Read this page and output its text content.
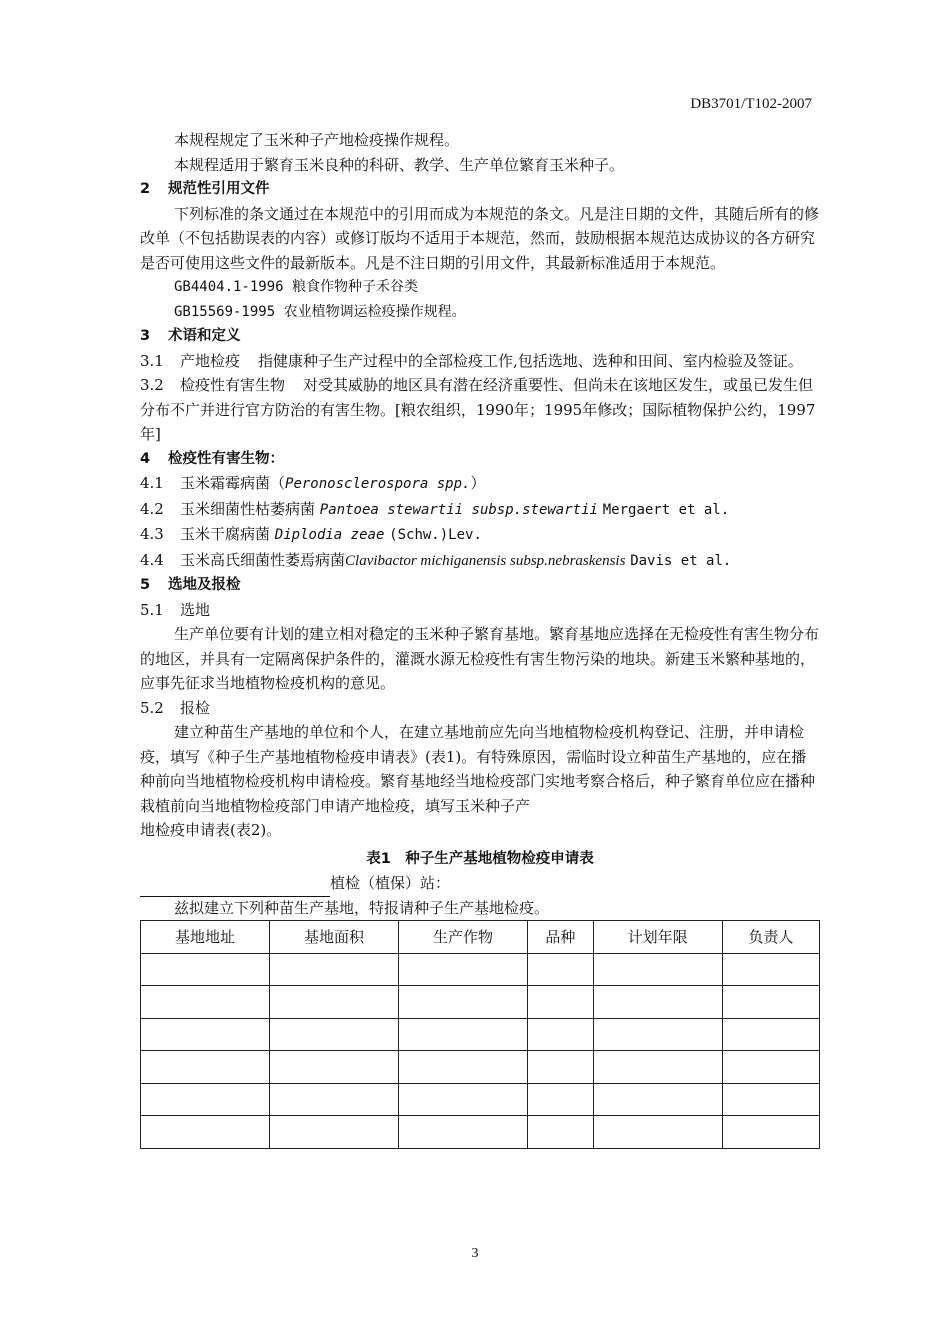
DB3701/T102-2007

本规程规定了玉米种子产地检疫操作规程。

本规程适用于繁育玉米良种的科研、教学、生产单位繁育玉米种子。

2 规范性引用文件

下列标准的条文通过在本规范中的引用而成为本规范的条文。凡是注日期的文件，其随后所有的修改单（不包括勘误表的内容）或修订版均不适用于本规范，然而，鼓励根据本规范达成协议的各方研究是否可使用这些文件的最新版本。凡是不注日期的引用文件，其最新标准适用于本规范。

GB4404.1-1996 粮食作物种子禾谷类

GB15569-1995 农业植物调运检疫操作规程。

3 术语和定义

3.1 产地检疫 指健康种子生产过程中的全部检疫工作,包括选地、选种和田间、室内检验及签证。

3.2 检疫性有害生物 对受其威胁的地区具有潜在经济重要性、但尚未在该地区发生，或虽已发生但分布不广并进行官方防治的有害生物。[粮农组织，1990年；1995年修改；国际植物保护公约，1997年]

4 检疫性有害生物：

4.1 玉米霜霉病菌（Peronosclerospora spp.）

4.2 玉米细菌性枯萎病菌 Pantoea stewartii subsp.stewartii Mergaert et al.

4.3 玉米干腐病菌 Diplodia zeae (Schw.)Lev.

4.4 玉米高氏细菌性萎焉病菌Clavibactor michiganensis subsp.nebraskensis Davis et al.

5 选地及报检

5.1 选地

生产单位要有计划的建立相对稳定的玉米种子繁育基地。繁育基地应选择在无检疫性有害生物分布的地区，并具有一定隔离保护条件的，灌溉水源无检疫性有害生物污染的地块。新建玉米繁种基地的，应事先征求当地植物检疫机构的意见。

5.2 报检

建立种苗生产基地的单位和个人，在建立基地前应先向当地植物检疫机构登记、注册，并申请检疫，填写《种子生产基地植物检疫申请表》(表1)。有特殊原因，需临时设立种苗生产基地的，应在播种前向当地植物检疫机构申请检疫。繁育基地经当地检疫部门实地考察合格后，种子繁育单位应在播种栽植前向当地植物检疫部门申请产地检疫，填写玉米种子产

地检疫申请表(表2)。

表1　种子生产基地植物检疫申请表

植检（植保）站：

兹拟建立下列种苗生产基地，特报请种子生产基地检疫。

基地地址	基地面积	生产作物	品种	计划年限	负责人

3
